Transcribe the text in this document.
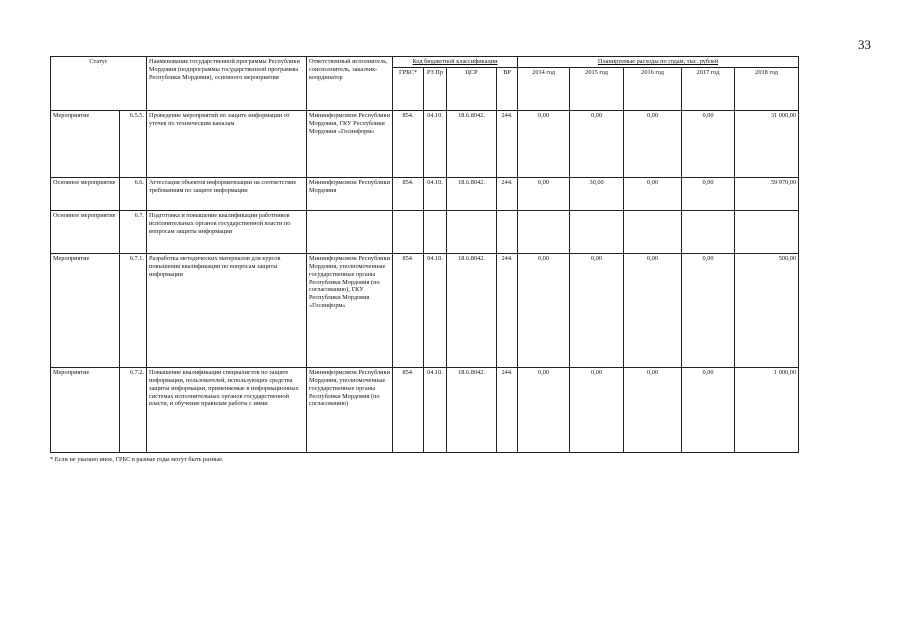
33
Статус		Наименование государственной программы Республики Мордовия (подпрограммы государственной программы Республики Мордовия), основного мероприятия	Ответственный исполнитель, соисполнитель, заказчик-координатор	Код бюджетной классификации				Планируемые расходы по годам, тыс. рублей				
				ГРБС*	РЗ Пр	ЦСР	ВР	2014 год	2015 год	2016 год	2017 год	2018 год
Мероприятие	6.5.5.	Проведение мероприятий по защите информации от утечек по техническим каналам	Мининформсвязи Республики Мордовия, ГКУ Республики Мордовия «Госинформ»	854.	04.10.	18.6.8042.	244.	0,00	0,00	0,00	0,00	31 000,00
Основное мероприятие	6.6.	Аттестация объектов информатизации на соответствие требованиям по защите информации	Мининформсвязи Республики Мордовия	854.	04.10.	18.6.8042.	244.	0,00	30,00	0,00	0,00	59 970,00
Основное мероприятие	6.7.	Подготовка и повышение квалификации работников исполнительных органов государственной власти по вопросам защиты информации										
Мероприятие	6.7.1.	Разработка методических материалов для курсов повышения квалификации по вопросам защиты информации	Мининформсвязи Республики Мордовия, уполномоченные государственные органы Республики Мордовия (по согласованию), ГКУ Республики Мордовия «Госинформ»	854.	04.10.	18.6.8042.	244.	0,00	0,00	0,00	0,00	500,00
Мероприятие	6.7.2.	Повышение квалификации специалистов по защите информации, пользователей, использующих средства защиты информации, применяемые в информационных системах исполнительных органов государственной власти, и обучение правилам работы с ними	Мининформсвязи Республики Мордовия, уполномоченные государственные органы Республики Мордовия (по согласованию)	854.	04.10.	18.6.8042.	244.	0,00	0,00	0,00	0,00	1 000,00
* Если не указано иное, ГРБС в разные годы могут быть разные.
